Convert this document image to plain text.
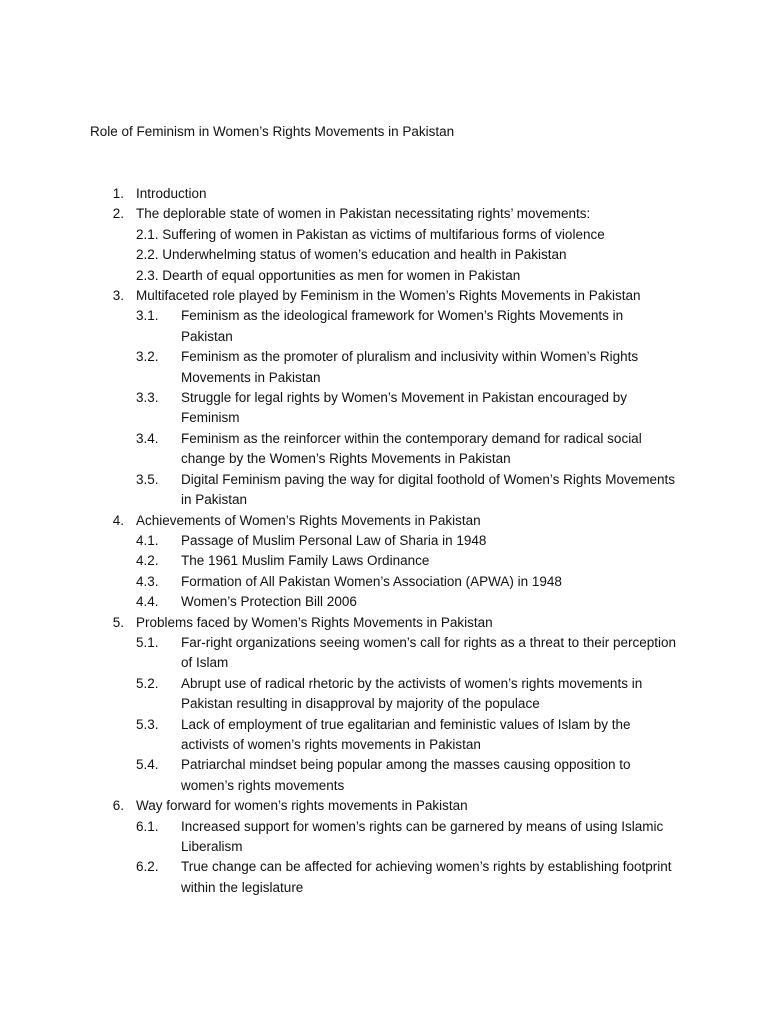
Role of Feminism in Women’s Rights Movements in Pakistan
1. Introduction
2. The deplorable state of women in Pakistan necessitating rights’ movements:
2.1. Suffering of women in Pakistan as victims of multifarious forms of violence
2.2. Underwhelming status of women’s education and health in Pakistan
2.3. Dearth of equal opportunities as men for women in Pakistan
3. Multifaceted role played by Feminism in the Women’s Rights Movements in Pakistan
3.1.	Feminism as the ideological framework for Women’s Rights Movements in Pakistan
3.2.	Feminism as the promoter of pluralism and inclusivity within Women’s Rights Movements in Pakistan
3.3.	Struggle for legal rights by Women’s Movement in Pakistan encouraged by Feminism
3.4.	Feminism as the reinforcer within the contemporary demand for radical social change by the Women’s Rights Movements in Pakistan
3.5.	Digital Feminism paving the way for digital foothold of Women’s Rights Movements in Pakistan
4. Achievements of Women’s Rights Movements in Pakistan
4.1.	Passage of Muslim Personal Law of Sharia in 1948
4.2.	The 1961 Muslim Family Laws Ordinance
4.3.	Formation of All Pakistan Women’s Association (APWA) in 1948
4.4.	Women’s Protection Bill 2006
5. Problems faced by Women’s Rights Movements in Pakistan
5.1.	Far-right organizations seeing women’s call for rights as a threat to their perception of Islam
5.2.	Abrupt use of radical rhetoric by the activists of women’s rights movements in Pakistan resulting in disapproval by majority of the populace
5.3.	Lack of employment of true egalitarian and feministic values of Islam by the activists of women’s rights movements in Pakistan
5.4.	Patriarchal mindset being popular among the masses causing opposition to women’s rights movements
6. Way forward for women’s rights movements in Pakistan
6.1.	Increased support for women’s rights can be garnered by means of using Islamic Liberalism
6.2.	True change can be affected for achieving women’s rights by establishing footprint within the legislature
